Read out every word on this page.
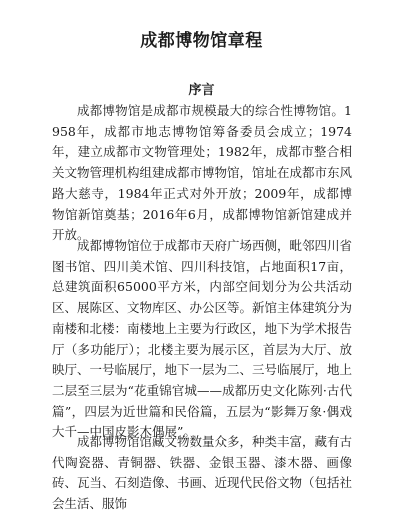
成都博物馆章程
序言

成都博物馆是成都市规模最大的综合性博物馆。1958年，成都市地志博物馆筹备委员会成立；1974年，建立成都市文物管理处；1982年，成都市整合相关文物管理机构组建成都市博物馆，馆址在成都市东风路大慈寺，1984年正式对外开放；2009年，成都博物馆新馆奠基；2016年6月，成都博物馆新馆建成并开放。

成都博物馆位于成都市天府广场西侧，毗邻四川省图书馆、四川美术馆、四川科技馆，占地面积17亩，总建筑面积65000平方米，内部空间划分为公共活动区、展陈区、文物库区、办公区等。新馆主体建筑分为南楼和北楼：南楼地上主要为行政区，地下为学术报告厅（多功能厅）；北楼主要为展示区，首层为大厅、放映厅、一号临展厅，地下一层为二、三号临展厅，地上二层至三层为“花重锦官城——成都历史文化陈列·古代篇”，四层为近世篇和民俗篇，五层为“影舞万象·偶戏大千—中国皮影木偶展”。

成都博物馆馆藏文物数量众多，种类丰富，藏有古代陶瓷器、青铜器、铁器、金银玉器、漆木器、画像砖、瓦当、石刻造像、书画、近现代民俗文物（包括社会生活、服饰
